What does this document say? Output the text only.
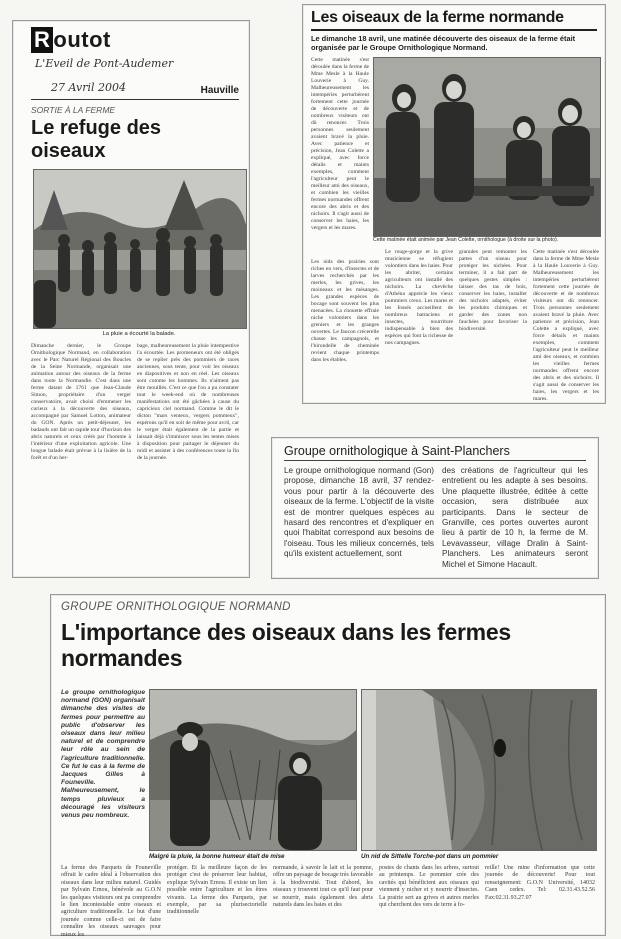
R outot
L'Eveil de Pont-Audemer
27 Avril 2004	Hauville
SORTIE À LA FERME
Le refuge des oiseaux
La pluie a écourté la balade.
Dimanche dernier, le Groupe Ornithologique Normand, en collaboration avec le Parc Naturel Régional des Boucles de la Seine Normande, organisait une animation autour des oiseaux de la ferme dans toute la Normandie. C'est dans une ferme datant de 1761 que Jean-Claude Simon, propriétaire d'un verger conservatoire, avait choisi d'emmener les curieux à la découverte des oiseaux, accompagné par Samuel Lotton, animateur du GON. Après un petit-déjeuner, les badauds ont fait un rapide tour d'horizon des abris naturels et ceux créés par l'homme à l'intérieur d'une exploitation agricole. Une longue balade était prévue à la lisière de la forêt et d'un her-
bage, malheureusement la pluie intempestive l'a écourtée. Les promeneurs ont été obligés de se replier près des pommiers de races anciennes, sous tente, pour voir les oiseaux en diapositives et non en réel. Les oiseaux sont comme les hommes. Ils n'aiment pas être mouillés. C'est ce que l'on a pu constater tout le week-end où de nombreuses manifestations ont été gâchées à cause du capricieux ciel normand. Comme le dit le dicton "mars venteux, vergers pommeux", espérons qu'il en soit de même pour avril, car le verger était également de la partie et laissait déjà s'immiscer sous les tentes mises à disposition pour partager le déjeuner du midi et assister à des conférences toute la fin de la journée.
Les oiseaux de la ferme normande
Le dimanche 18 avril, une matinée découverte des oiseaux de la ferme était organisée par le Groupe Ornithologique Normand.
Cette matinée s'est déroulée dans la ferme de Mme Mesle à la Haule Louverie à Guy. Malheureusement les intempéries perturbèrent fortement cette journée de découverte et de nombreux visiteurs ont dû renoncer. Trois personnes seulement avaient bravé la pluie. Avec patience et précision, Jean Colette a expliqué, avec force détails et maints exemples, comment l'agriculteur peut le meilleur ami des oiseaux, et combien les vieilles fermes normandes offrent encore des abris et des nichoirs. Il s'agit aussi de conserver les haies, les vergers et les mares.
Cette matinée était animée par Jean Colette, ornithologue (à droite sur la photo).
Les nids des prairies sont riches en vers, d'insectes et de larves recherchés par les merles, les grives, les moineaux et les mésanges. Les grandes espèces de bocage sont souvent les plus menacées. La chouette effraie niche volontiers dans les greniers et les granges ouvertes. Le faucon crécerelle chasse les campagnols, et l'hirondelle de cheminée revient chaque printemps dans les étables.
Le rouge-gorge et la grive musicienne se réfugient volontiers dans les haies. Pour les abriter, certains agriculteurs ont installé des nichoirs. La chevêche d'Athéna apprécie les vieux pommiers creux. Les mares et les fossés accueillent de nombreux batraciens et insectes, nourriture indispensable à bien des espèces qui font la richesse de nos campagnes.
granules peut remonter les pattes d'un oiseau pour protéger les nichées. Pour terminer, il a fait part de quelques gestes simples : laisser des tas de bois, conserver les haies, installer des nichoirs adaptés, éviter les produits chimiques et garder des zones non fauchées pour favoriser la biodiversité.
Cette matinée s'est déroulée dans la ferme de Mme Mesle à la Haule Louverie à Guy. Malheureusement les intempéries perturbèrent fortement cette journée de découverte et de nombreux visiteurs ont dû renoncer. Trois personnes seulement avaient bravé la pluie. Avec patience et précision, Jean Colette a expliqué, avec force détails et maints exemples, comment l'agriculteur peut le meilleur ami des oiseaux, et combien les vieilles fermes normandes offrent encore des abris et des nichoirs. Il s'agit aussi de conserver les haies, les vergers et les mares.
Groupe ornithologique à Saint-Planchers
Le groupe ornithologique normand (Gon) propose, dimanche 18 avril, 37 rendez-vous pour partir à la découverte des oiseaux de la ferme. L'objectif de la visite est de montrer quelques espèces au hasard des rencontres et d'expliquer en quoi l'habitat correspond aux besoins de l'oiseau. Tous les milieux concernés, tels qu'ils existent actuellement, sont
des créations de l'agriculteur qui les entretient ou les adapte à ses besoins. Une plaquette illustrée, éditée à cette occasion, sera distribuée aux participants. Dans le secteur de Granville, ces portes ouvertes auront lieu à partir de 10 h, la ferme de M. Levavasseur, village Dralin à Saint-Planchers. Les animateurs seront Michel et Simone Hacault.
GROUPE ORNITHOLOGIQUE NORMAND
L'importance des oiseaux dans les fermes normandes
Le groupe ornithologique normand (GON) organisait dimanche des visites de fermes pour permettre au public d'observer les oiseaux dans leur milieu naturel et de comprendre leur rôle au sein de l'agriculture traditionnelle. Ce fut le cas à la ferme de Jacques Gilles à Founeville. Malheureusement, le temps pluvieux a découragé les visiteurs venus peu nombreux.
Malgré la pluie, la bonne humeur était de mise	Un nid de Sittelle Torche-pot dans un pommier
La ferme des Parquets de Founeville offrait le cadre idéal à l'observation des oiseaux dans leur milieu naturel. Guidés par Sylvain Ernou, bénévole au G.O.N les quelques visiteurs ont pu comprendre le lien incontestable entre oiseaux et agriculture traditionnelle. Le but d'une journée comme celle-ci est de faire connaître les oiseaux sauvages pour mieux les
protéger. Et la meilleure façon de les protéger c'est de préserver leur habitat, explique Sylvain Ernou. Il existe un lien possible entre l'agriculture et les êtres vivants. La ferme des Parquets, par exemple, par sa plurisectorielle traditionnelle
normande, à savoir le lait et la pomme, offre un paysage de bocage très favorable à la biodiversité. Tout d'abord, les oiseaux y trouvent tout ce qu'il faut pour se nourrir, mais également des abris naturels dans les haies et des
postes de chants dans les arbres, surtout au printemps. Le pommier crée des cavités qui bénéficient aux oiseaux qui viennent y nicher et y nourrir d'insectes. La prairie sert au grives et autres merles qui cherchent des vers de terre à fo-
reille! Une mine d'information que cette journée de découverte! Pour tout renseignement: G.O.N Université, 14032 Caen cedex. Tel: 02.31.43.52.56 Fax:02.31.93.27.07
